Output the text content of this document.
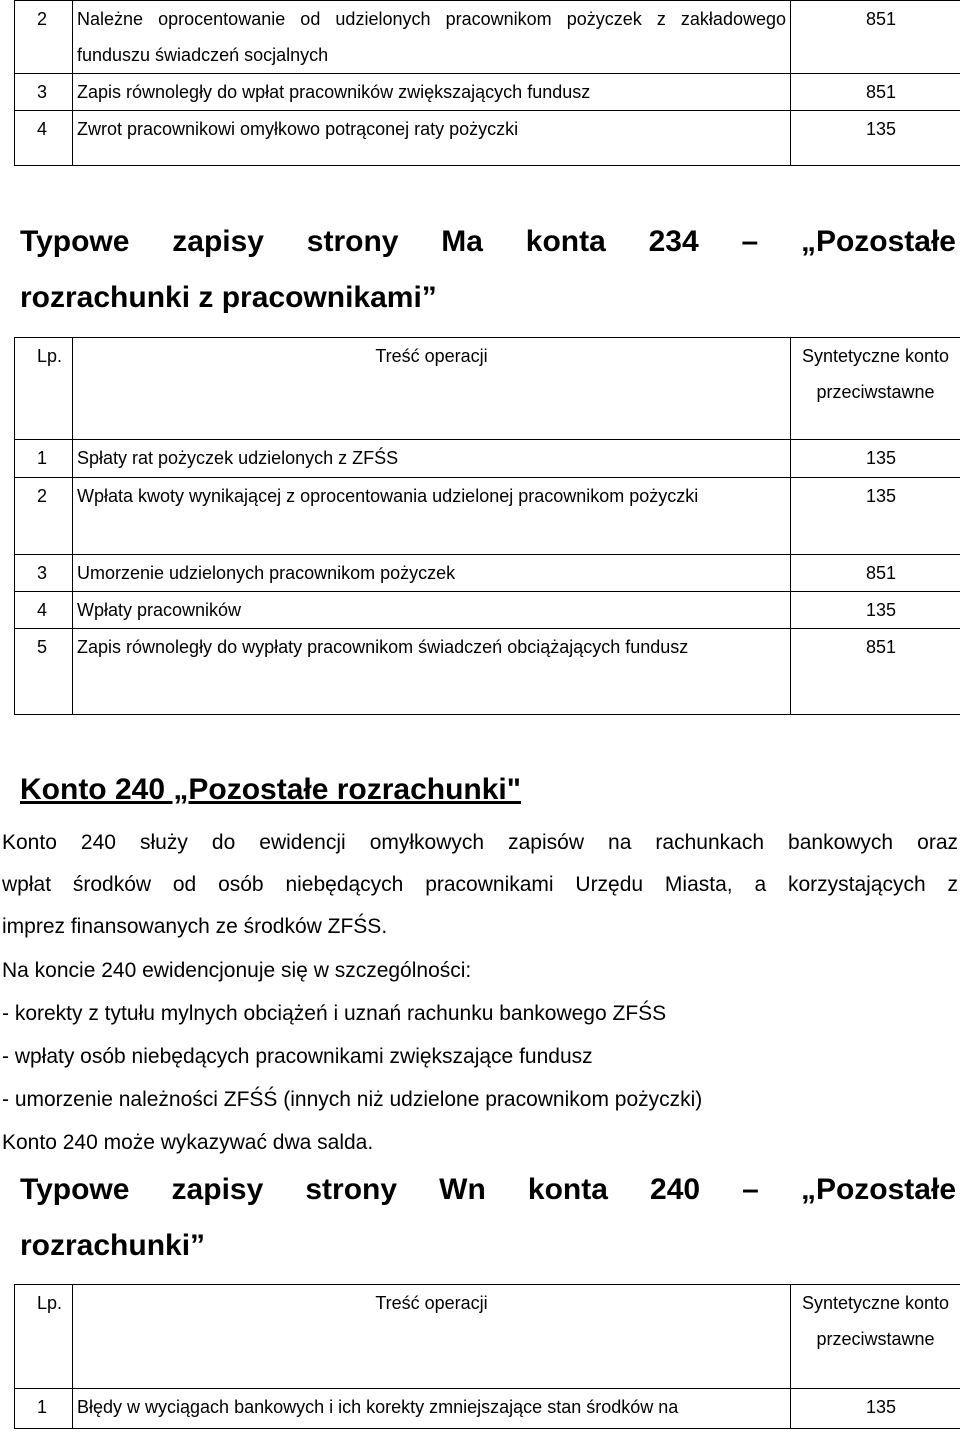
2	Należne oprocentowanie od udzielonych pracownikom pożyczek z zakładowego funduszu świadczeń socjalnych	851
3	Zapis równoległy do wpłat pracowników zwiększających fundusz	851
4	Zwrot pracownikowi omyłkowo potrąconej raty pożyczki	135
Typowe zapisy strony Ma konta 234 – „Pozostałe
rozrachunki z pracownikami”
Lp.	Treść operacji	Syntetyczne konto przeciwstawne
1	Spłaty rat pożyczek udzielonych z ZFŚS	135
2	Wpłata kwoty wynikającej z oprocentowania udzielonej pracownikom pożyczki	135
3	Umorzenie udzielonych pracownikom pożyczek	851
4	Wpłaty pracowników	135
5	Zapis równoległy do wypłaty pracownikom świadczeń obciążających fundusz	851
Konto 240 „Pozostałe rozrachunki"
Konto 240 służy do ewidencji omyłkowych zapisów na rachunkach bankowych oraz
wpłat środków od osób niebędących pracownikami Urzędu Miasta, a korzystających z
imprez finansowanych ze środków ZFŚS.
Na koncie 240 ewidencjonuje się w szczególności:
- korekty z tytułu mylnych obciążeń i uznań rachunku bankowego ZFŚS
- wpłaty osób niebędących pracownikami zwiększające fundusz
- umorzenie należności ZFŚŚ (innych niż udzielone pracownikom pożyczki)
Konto 240 może wykazywać dwa salda.
Typowe zapisy strony Wn konta 240 – „Pozostałe
rozrachunki”
Lp.	Treść operacji	Syntetyczne konto przeciwstawne
1	Błędy w wyciągach bankowych i ich korekty zmniejszające stan środków na	135
